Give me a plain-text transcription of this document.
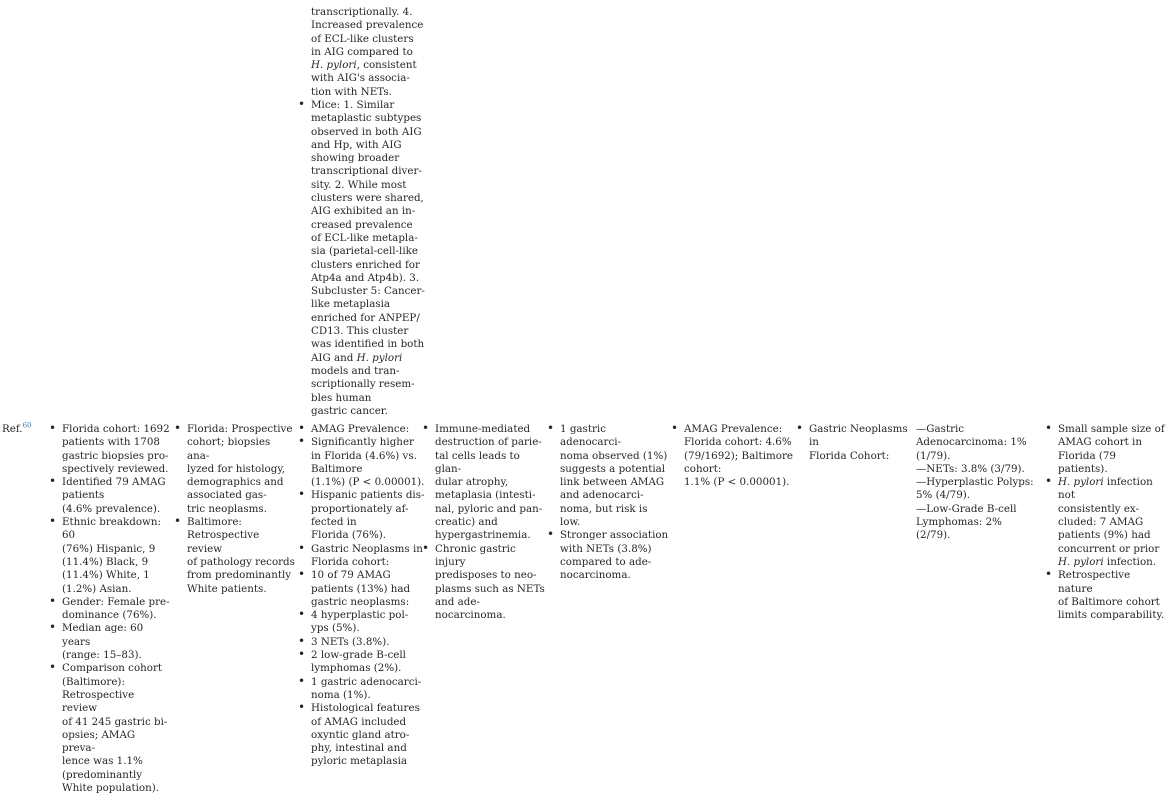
transcriptionally. 4.
Increased prevalence
of ECL-like clusters
in AIG compared to
H. pylori, consistent
with AIG's associa-
tion with NETs.
• Mice: 1. Similar
metaplastic subtypes
observed in both AIG
and Hp, with AIG
showing broader
transcriptional diver-
sity. 2. While most
clusters were shared,
AIG exhibited an in-
creased prevalence
of ECL-like metapla-
sia (parietal-cell-like
clusters enriched for
Atp4a and Atp4b). 3.
Subcluster 5: Cancer-
like metaplasia
enriched for ANPEP/
CD13. This cluster
was identified in both
AIG and H. pylori
models and tran-
scriptionally resem-
bles human
gastric cancer.
Ref.$^{60}$
•	Florida cohort: 1692
patients with 1708
gastric biopsies pro-
spectively reviewed.
• Identified 79 AMAG
patients
(4.6% prevalence).
• Ethnic breakdown: 60
(76%) Hispanic, 9
(11.4%) Black, 9
(11.4%) White, 1
(1.2%) Asian.
• Gender: Female pre-
dominance (76%).
• Median age: 60 years
(range: 15–83).
• Comparison cohort
(Baltimore):
Retrospective review
of 41 245 gastric bi-
opsies; AMAG preva-
lence was 1.1%
(predominantly
White population).
• Florida: Prospective
cohort; biopsies ana-
lyzed for histology,
demographics and
associated gas-
tric neoplasms.
• Baltimore:
Retrospective review
of pathology records
from predominantly
White patients.
• AMAG Prevalence:
• Significantly higher
in Florida (4.6%) vs.
Baltimore
(1.1%) (P < 0.00001).
• Hispanic patients dis-
proportionately af-
fected in
Florida (76%).
• Gastric Neoplasms in
Florida cohort:
• 10 of 79 AMAG
patients (13%) had
gastric neoplasms:
• 4 hyperplastic pol-
yps (5%).
• 3 NETs (3.8%).
• 2 low-grade B-cell
lymphomas (2%).
• 1 gastric adenocarci-
noma (1%).
• Histological features
of AMAG included
oxyntic gland atro-
phy, intestinal and
pyloric metaplasia
• Immune-mediated
destruction of parie-
tal cells leads to glan-
dular atrophy,
metaplasia (intesti-
nal, pyloric and pan-
creatic) and
hypergastrinemia.
• Chronic gastric injury
predisposes to neo-
plasms such as NETs
and ade-
nocarcinoma.
• 1 gastric adenocarci-
noma observed (1%)
suggests a potential
link between AMAG
and adenocarci-
noma, but risk is low.
• Stronger association
with NETs (3.8%)
compared to ade-
nocarcinoma.
• AMAG Prevalence:
Florida cohort: 4.6%
(79/1692); Baltimore
cohort:
1.1% (P < 0.00001).
• Gastric Neoplasms in
Florida Cohort:
—Gastric
Adenocarcinoma: 1%
(1/79).
—NETs: 3.8% (3/79).
—Hyperplastic Polyps:
5% (4/79).
—Low-Grade B-cell
Lymphomas: 2%
(2/79).
• Small sample size of
AMAG cohort in
Florida (79 patients).
• H. pylori infection not
consistently ex-
cluded: 7 AMAG
patients (9%) had
concurrent or prior
H. pylori infection.
• Retrospective nature
of Baltimore cohort
limits comparability.
